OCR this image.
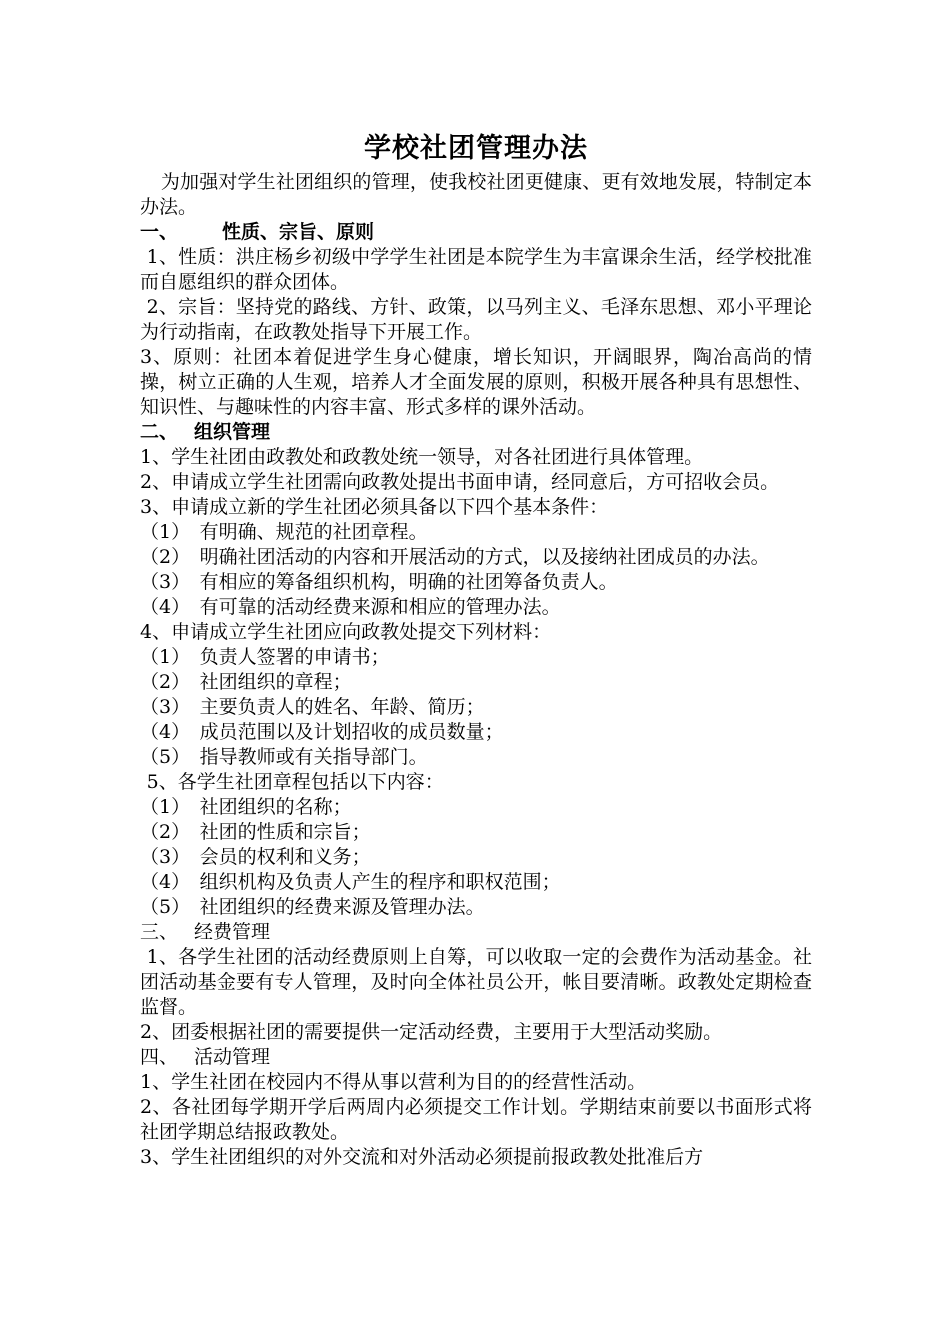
学校社团管理办法

为加强对学生社团组织的管理，使我校社团更健康、更有效地发展，特制定本办法。

一、 性质、宗旨、原则

1、性质：洪庄杨乡初级中学学生社团是本院学生为丰富课余生活，经学校批准而自愿组织的群众团体。

2、宗旨：坚持党的路线、方针、政策，以马列主义、毛泽东思想、邓小平理论为行动指南，在政教处指导下开展工作。

3、原则：社团本着促进学生身心健康，增长知识，开阔眼界，陶冶高尚的情操，树立正确的人生观，培养人才全面发展的原则，积极开展各种具有思想性、知识性、与趣味性的内容丰富、形式多样的课外活动。

二、 组织管理

1、学生社团由政教处和政教处统一领导，对各社团进行具体管理。

2、申请成立学生社团需向政教处提出书面申请，经同意后，方可招收会员。

3、申请成立新的学生社团必须具备以下四个基本条件：

（1）　有明确、规范的社团章程。

（2）　明确社团活动的内容和开展活动的方式，以及接纳社团成员的办法。

（3）　有相应的筹备组织机构，明确的社团筹备负责人。

（4）　有可靠的活动经费来源和相应的管理办法。

4、申请成立学生社团应向政教处提交下列材料：

（1）　负责人签署的申请书；

（2）　社团组织的章程；

（3）　主要负责人的姓名、年龄、简历；

（4）　成员范围以及计划招收的成员数量；

（5）　指导教师或有关指导部门。

5、各学生社团章程包括以下内容：

（1）　社团组织的名称；

（2）　社团的性质和宗旨；

（3）　会员的权利和义务；

（4）　组织机构及负责人产生的程序和职权范围；

（5）　社团组织的经费来源及管理办法。

三、 经费管理

1、各学生社团的活动经费原则上自筹，可以收取一定的会费作为活动基金。社团活动基金要有专人管理，及时向全体社员公开，帐目要清晰。政教处定期检查监督。

2、团委根据社团的需要提供一定活动经费，主要用于大型活动奖励。

四、 活动管理

1、学生社团在校园内不得从事以营利为目的的经营性活动。

2、各社团每学期开学后两周内必须提交工作计划。学期结束前要以书面形式将社团学期总结报政教处。

3、学生社团组织的对外交流和对外活动必须提前报政教处批准后方
